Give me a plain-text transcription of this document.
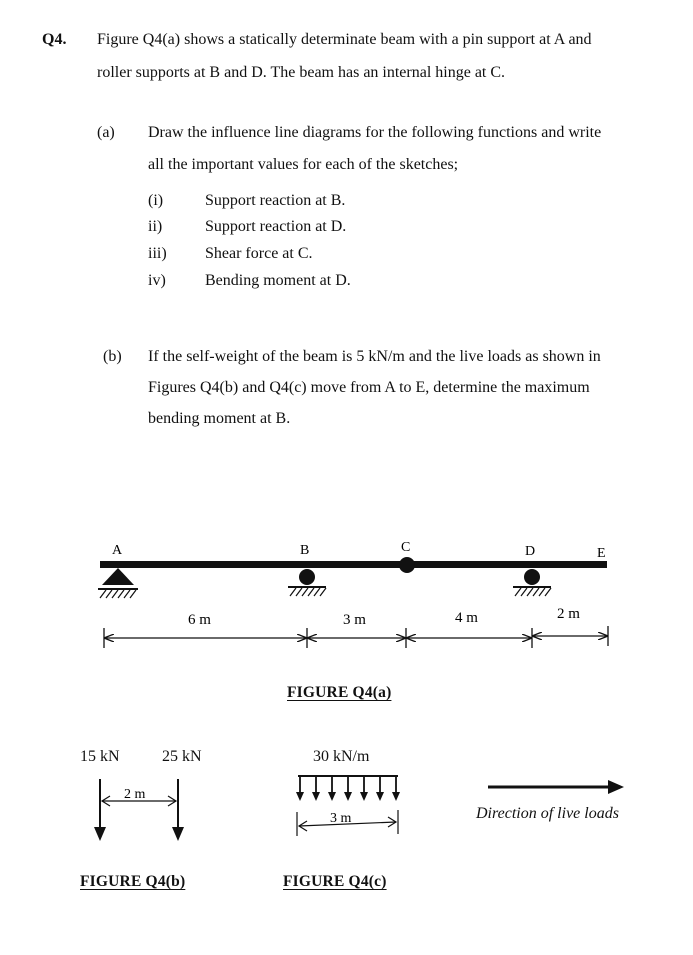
Q4. Figure Q4(a) shows a statically determinate beam with a pin support at A and
roller supports at B and D. The beam has an internal hinge at C.
(a) Draw the influence line diagrams for the following functions and write
all the important values for each of the sketches;
(i)	Support reaction at B.
ii)	Support reaction at D.
iii) Shear force at C.
iv) Bending moment at D.
(b) If the self-weight of the beam is 5 kN/m and the live loads as shown in
Figures Q4(b) and Q4(c) move from A to E, determine the maximum
bending moment at B.
A	B	C	D	E
6 m	3 m	4 m	2 m
FIGURE Q4(a)
15 kN	25 kN
2 m
FIGURE Q4(b)
30 kN/m
3 m
FIGURE Q4(c)
Direction of live loads
